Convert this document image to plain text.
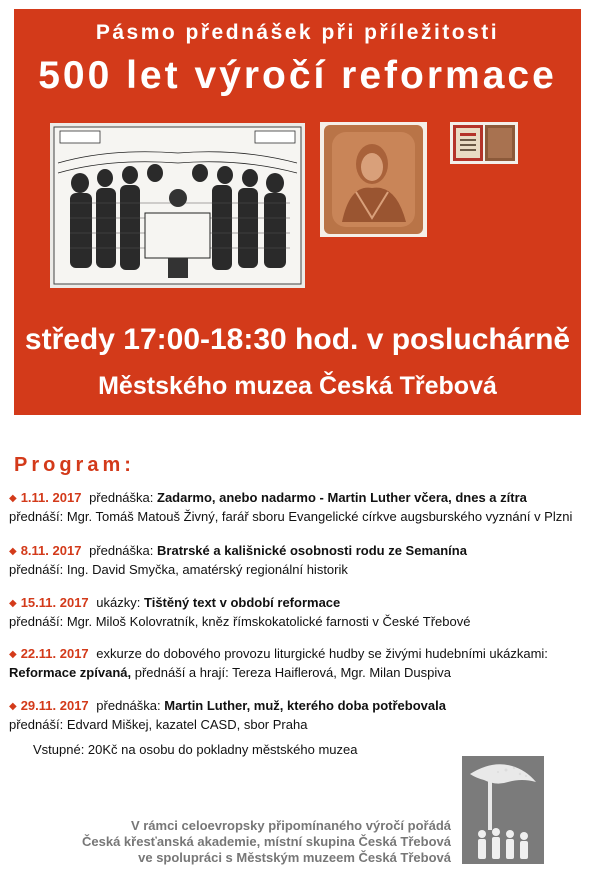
Pásmo přednášek při příležitosti
500 let výročí reformace
středy 17:00-18:30 hod. v posluchárně
Městského muzea Česká Třebová
Program:
◆ 1.11. 2017 přednáška: Zadarmo, anebo nadarmo - Martin Luther včera, dnes a zítra
přednáší: Mgr. Tomáš Matouš Živný, farář sboru Evangelické církve augsburského vyznání v Plzni
◆ 8.11. 2017 přednáška: Bratrské a kališnické osobnosti rodu ze Semanína
přednáší: Ing. David Smyčka, amatérský regionální historik
◆ 15.11. 2017 ukázky: Tištěný text v období reformace
přednáší: Mgr. Miloš Kolovratník, kněz římskokatolické farnosti v České Třebové
◆ 22.11. 2017 exkurze do dobového provozu liturgické hudby se živými hudebními ukázkami:
Reformace zpívaná, přednáší a hrají: Tereza Haiflerová, Mgr. Milan Duspiva
◆ 29.11. 2017 přednáška: Martin Luther, muž, kterého doba potřebovala
přednáší: Edvard Miškej, kazatel CASD, sbor Praha
Vstupné: 20Kč na osobu do pokladny městského muzea
V rámci celoevropsky připomínaného výročí pořádá
Česká křesťanská akademie, místní skupina Česká Třebová
ve spolupráci s Městským muzeem Česká Třebová
